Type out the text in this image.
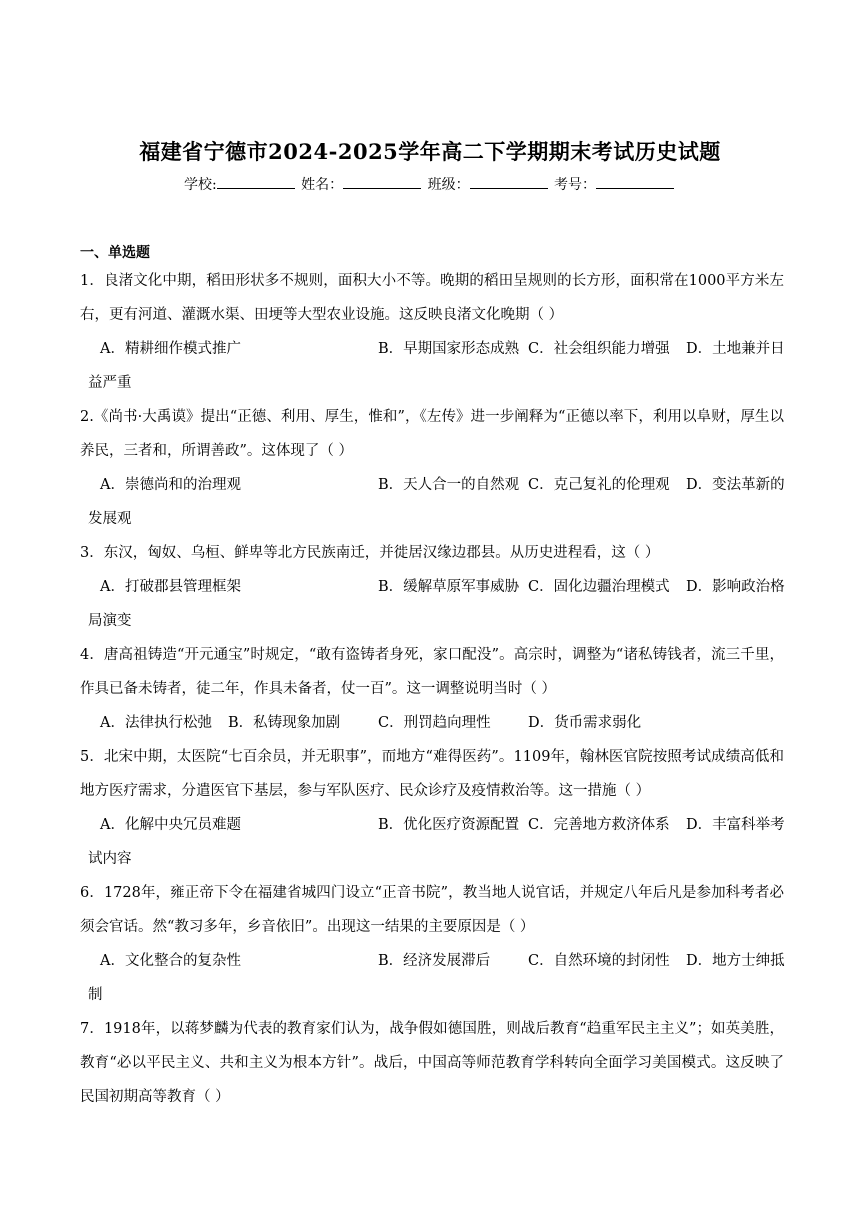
福建省宁德市2024-2025学年高二下学期期末考试历史试题
学校:	姓名：	班级：	考号：
一、单选题
1．良渚文化中期，稻田形状多不规则，面积大小不等。晚期的稻田呈规则的长方形，面积常在1000平方米左右，更有河道、灌溉水渠、田埂等大型农业设施。这反映良渚文化晚期（ ）
A．精耕细作模式推广	B．早期国家形态成熟 C．社会组织能力增强 D．土地兼并日
益严重
2.《尚书·大禹谟》提出“正德、利用、厚生，惟和”，《左传》进一步阐释为“正德以率下，利用以阜财，厚生以养民，三者和，所谓善政”。这体现了（ ）
A．崇德尚和的治理观	B．天人合一的自然观 C．克己复礼的伦理观 D．变法革新的
发展观
3．东汉，匈奴、乌桓、鲜卑等北方民族南迁，并徙居汉缘边郡县。从历史进程看，这（ ）
A．打破郡县管理框架	B．缓解草原军事威胁 C．固化边疆治理模式 D．影响政治格
局演变
4．唐高祖铸造“开元通宝”时规定，“敢有盗铸者身死，家口配没”。高宗时，调整为“诸私铸钱者，流三千里，作具已备未铸者，徒二年，作具未备者，仗一百”。这一调整说明当时（ ）
A．法律执行松弛 B．私铸现象加剧	C．刑罚趋向理性	D．货币需求弱化
5．北宋中期，太医院“七百余员，并无职事”，而地方“难得医药”。1109年，翰林医官院按照考试成绩高低和地方医疗需求，分遣医官下基层，参与军队医疗、民众诊疗及疫情救治等。这一措施（ ）
A．化解中央冗员难题	B．优化医疗资源配置 C．完善地方救济体系 D．丰富科举考
试内容
6．1728年，雍正帝下令在福建省城四门设立“正音书院”，教当地人说官话，并规定八年后凡是参加科考者必须会官话。然“教习多年，乡音依旧”。出现这一结果的主要原因是（ ）
A．文化整合的复杂性	B．经济发展滞后	C．自然环境的封闭性 D．地方士绅抵
制
7．1918年，以蒋梦麟为代表的教育家们认为，战争假如德国胜，则战后教育“趋重军民主主义”；如英美胜，教育“必以平民主义、共和主义为根本方针”。战后，中国高等师范教育学科转向全面学习美国模式。这反映了民国初期高等教育（ ）
